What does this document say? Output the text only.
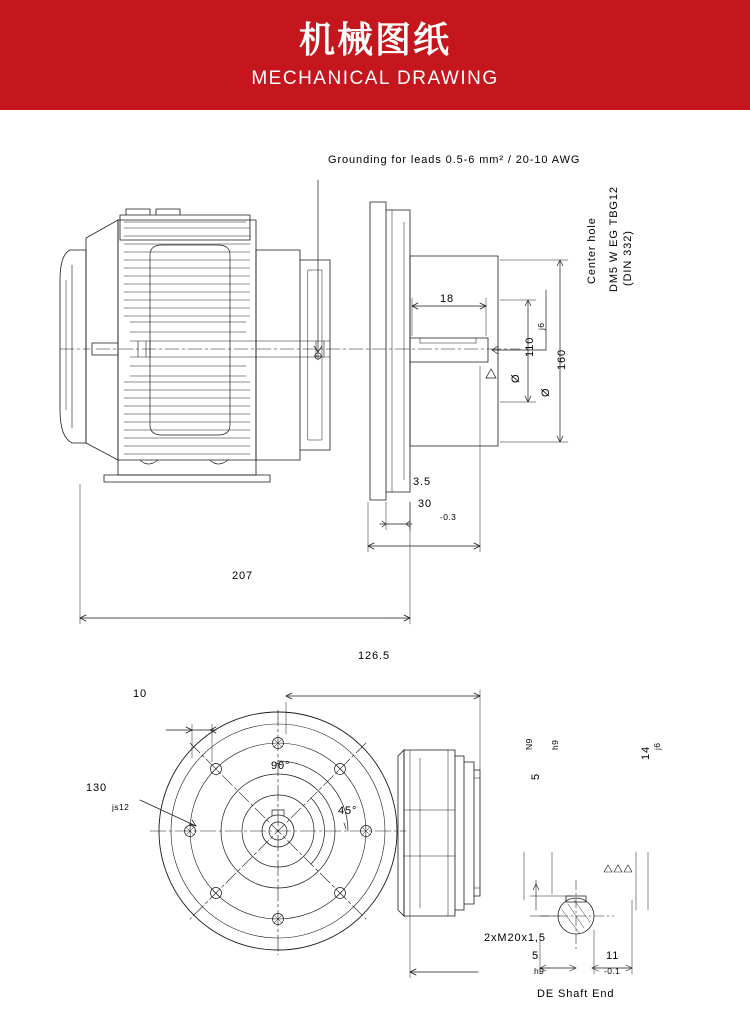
机械图纸
MECHANICAL DRAWING
Grounding for leads 0.5-6 mm² / 20-10 AWG
Center hole DM5 W EG TBG12 (DIN 332)
18
110
j6
Ø
160
Ø
3.5
30
-0.3
207
126.5
10
130
js12
90°
45°
2xM20x1,5
N9 h9
5
14 j6
5
h9
11
-0.1
DE Shaft End
